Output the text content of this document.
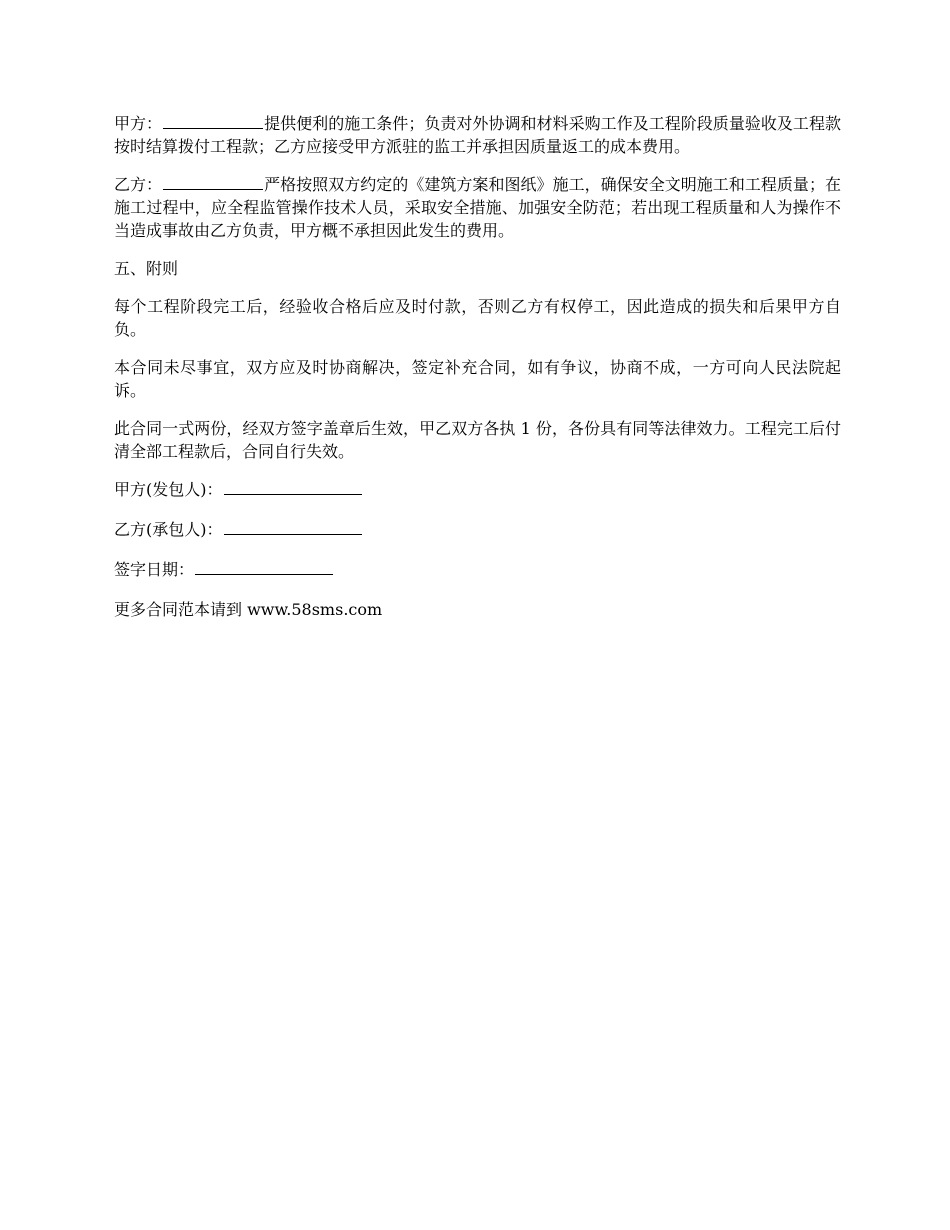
甲方：	提供便利的施工条件；负责对外协调和材料采购工作及工程阶段质量验收及工程款按时结算拨付工程款；乙方应接受甲方派驻的监工并承担因质量返工的成本费用。

乙方：	严格按照双方约定的《建筑方案和图纸》施工，确保安全文明施工和工程质量；在施工过程中，应全程监管操作技术人员，采取安全措施、加强安全防范；若出现工程质量和人为操作不当造成事故由乙方负责，甲方概不承担因此发生的费用。

五、附则

每个工程阶段完工后，经验收合格后应及时付款，否则乙方有权停工，因此造成的损失和后果甲方自负。

本合同未尽事宜，双方应及时协商解决，签定补充合同，如有争议，协商不成，一方可向人民法院起诉。

此合同一式两份，经双方签字盖章后生效，甲乙双方各执 1 份，各份具有同等法律效力。工程完工后付清全部工程款后，合同自行失效。

甲方(发包人)：

乙方(承包人)：

签字日期：

更多合同范本请到 www.58sms.com
